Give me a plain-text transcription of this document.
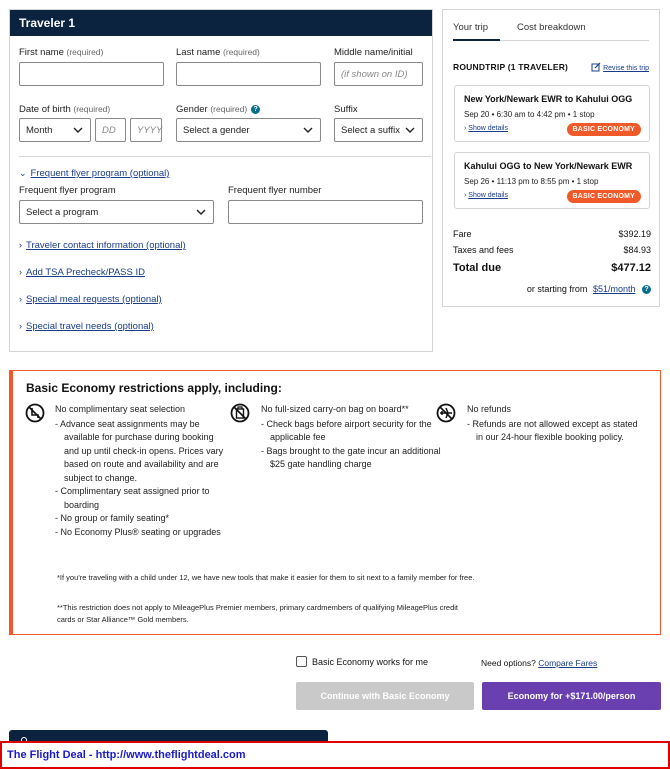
Traveler 1
First name (required)	Last name (required)	Middle name/initial
(if shown on ID)
Date of birth (required)
Month	DD	YYYY
Gender (required) ?
Select a gender
Suffix
Select a suffix
⌄ Frequent flyer program (optional)
Frequent flyer program
Select a program
Frequent flyer number
› Traveler contact information (optional)
› Add TSA Precheck/PASS ID
› Special meal requests (optional)
› Special travel needs (optional)
Your trip	Cost breakdown
ROUNDTRIP (1 TRAVELER)	Revise this trip
New York/Newark EWR to Kahului OGG
Sep 20 • 6:30 am to 4:42 pm • 1 stop
› Show details	BASIC ECONOMY
Kahului OGG to New York/Newark EWR
Sep 26 • 11:13 pm to 8:55 pm • 1 stop
› Show details	BASIC ECONOMY
Fare	$392.19
Taxes and fees	$84.93
Total due	$477.12
or starting from $51/month ?
Basic Economy restrictions apply, including:
No complimentary seat selection
- Advance seat assignments may be available for purchase during booking and up until check-in opens. Prices vary based on route and availability and are subject to change.
- Complimentary seat assigned prior to boarding
- No group or family seating*
- No Economy Plus® seating or upgrades
No full-sized carry-on bag on board**
- Check bags before airport security for the applicable fee
- Bags brought to the gate incur an additional $25 gate handling charge
No refunds
- Refunds are not allowed except as stated in our 24-hour flexible booking policy.
*If you're traveling with a child under 12, we have new tools that make it easier for them to sit next to a family member for free.
**This restriction does not apply to MileagePlus Premier members, primary cardmembers of qualifying MileagePlus credit cards or Star Alliance™ Gold members.
Basic Economy works for me	Need options? Compare Fares
Continue with Basic Economy	Economy for +$171.00/person
The Flight Deal - http://www.theflightdeal.com
